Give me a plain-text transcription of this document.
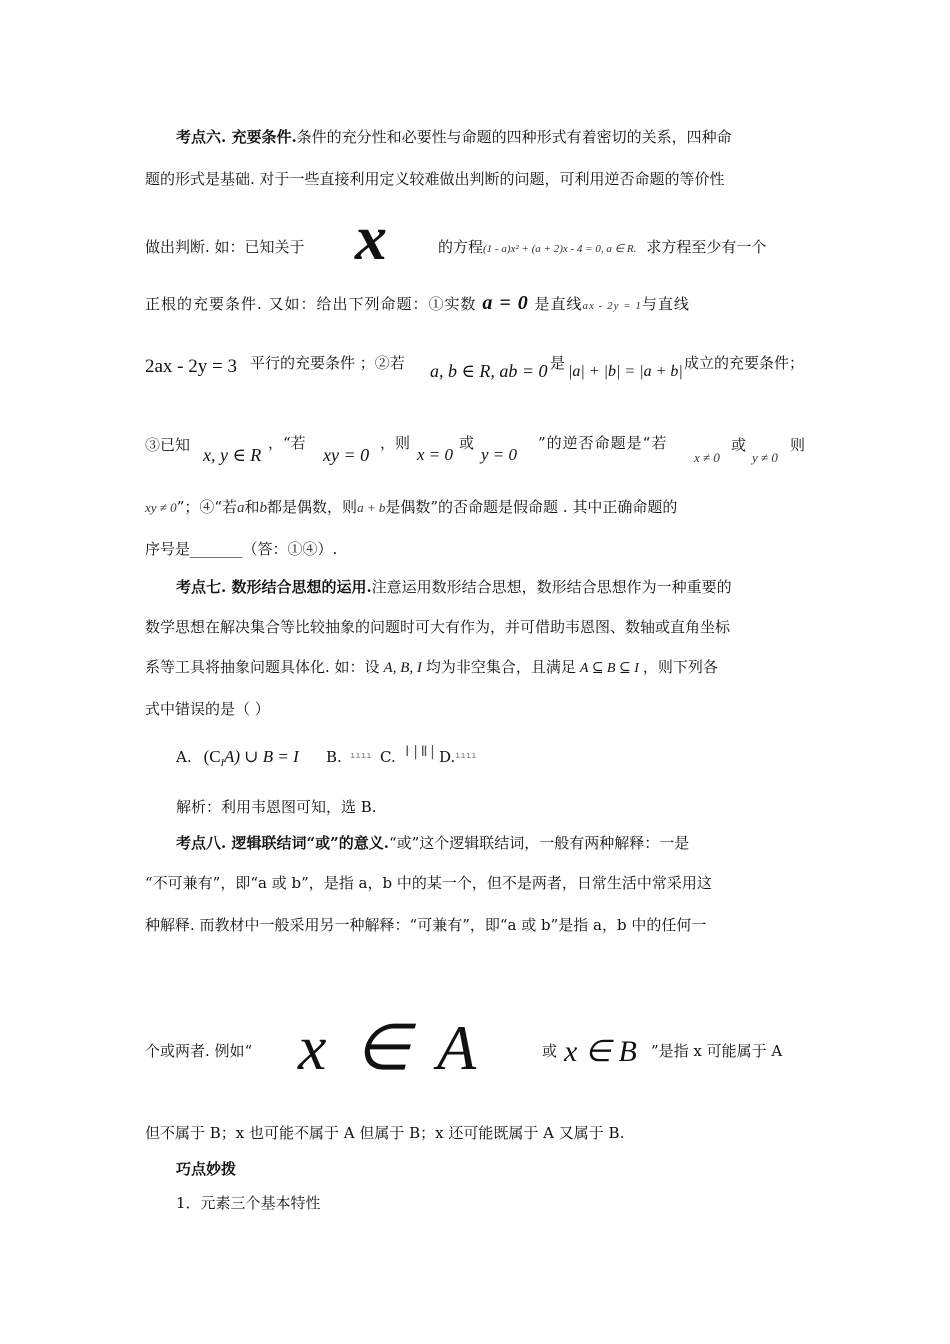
考点六. 充要条件.条件的充分性和必要性与命题的四种形式有着密切的关系，四种命
题的形式是基础. 对于一些直接利用定义较难做出判断的问题，可利用逆否命题的等价性
做出判断. 如：已知关于 x	的方程(1 - a)x² + (a + 2)x - 4 = 0, a ∈ R. 求方程至少有一个
正根的充要条件. 又如：给出下列命题：①实数 a = 0 是直线ax - 2y = 1与直线
2ax - 2y = 3 平行的充要条件 ；②若 a, b ∈ R, ab = 0 是 |a| + |b| = |a + b| 成立的充要条件；
③已知 x, y ∈ R
，“若
xy = 0
，则
x = 0
或
y = 0
”的逆否命题是“若
x ≠ 0
或
y ≠ 0
则
xy ≠ 0”；④“若a和b都是偶数，则a + b是偶数”的否命题是假命题 . 其中正确命题的
序号是_______（答：①④）.
考点七. 数形结合思想的运用.注意运用数形结合思想，数形结合思想作为一种重要的
数学思想在解决集合等比较抽象的问题时可大有作为，并可借助韦恩图、数轴或直角坐标
系等工具将抽象问题具体化. 如：设 A, B, I 均为非空集合，且满足 A ⊆ B ⊆ I ，则下列各
式中错误的是（ ）
A. $(C_IA)$ ∪ B = I B. ıııı C. ǀ|ǁ| D. ıııı
解析：利用韦恩图可知，选 B.
考点八. 逻辑联结词“或”的意义.“或”这个逻辑联结词，一般有两种解释：一是
“不可兼有”，即“a 或 b”，是指 a，b 中的某一个，但不是两者，日常生活中常采用这
种解释. 而教材中一般采用另一种解释：“可兼有”，即“a 或 b”是指 a，b 中的任何一
个或两者. 例如“ x ∈ A	或 x ∈ B ”是指 x 可能属于 A
但不属于 B；x 也可能不属于 A 但属于 B；x 还可能既属于 A 又属于 B.
巧点妙拨
1．元素三个基本特性
